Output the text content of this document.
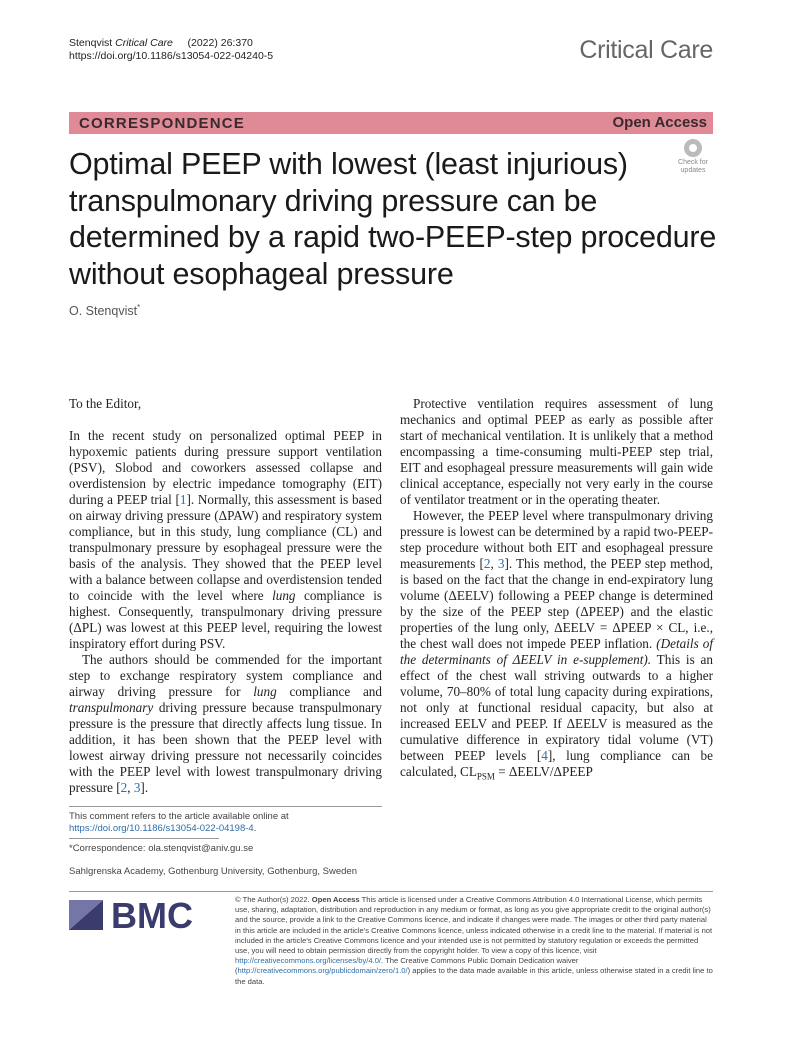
Stenqvist Critical Care (2022) 26:370
https://doi.org/10.1186/s13054-022-04240-5	Critical Care
CORRESPONDENCE	Open Access
Optimal PEEP with lowest (least injurious) transpulmonary driving pressure can be determined by a rapid two-PEEP-step procedure without esophageal pressure
Check for
updates
O. Stenqvist*

To the Editor,

In the recent study on personalized optimal PEEP in hypoxemic patients during pressure support ventilation (PSV), Slobod and coworkers assessed collapse and overdistension by electric impedance tomography (EIT) during a PEEP trial [1]. Normally, this assessment is based on airway driving pressure (ΔPAW) and respiratory system compliance, but in this study, lung compliance (CL) and transpulmonary pressure by esophageal pressure were the basis of the analysis. They showed that the PEEP level with a balance between collapse and overdistension tended to coincide with the level where lung compliance is highest. Consequently, transpulmonary driving pressure (ΔPL) was lowest at this PEEP level, requiring the lowest inspiratory effort during PSV.

The authors should be commended for the important step to exchange respiratory system compliance and airway driving pressure for lung compliance and transpulmonary driving pressure because transpulmonary pressure is the pressure that directly affects lung tissue. In addition, it has been shown that the PEEP level with lowest airway driving pressure not necessarily coincides with the PEEP level with lowest transpulmonary driving pressure [2, 3].

Protective ventilation requires assessment of lung mechanics and optimal PEEP as early as possible after start of mechanical ventilation. It is unlikely that a method encompassing a time-consuming multi-PEEP step trial, EIT and esophageal pressure measurements will gain wide clinical acceptance, especially not very early in the course of ventilator treatment or in the operating theater.

However, the PEEP level where transpulmonary driving pressure is lowest can be determined by a rapid two-PEEP-step procedure without both EIT and esophageal pressure measurements [2, 3]. This method, the PEEP step method, is based on the fact that the change in end-expiratory lung volume (ΔEELV) following a PEEP change is determined by the size of the PEEP step (ΔPEEP) and the elastic properties of the lung only, ΔEELV = ΔPEEP × CL, i.e., the chest wall does not impede PEEP inflation. (Details of the determinants of ΔEELV in e-supplement). This is an effect of the chest wall striving outwards to a higher volume, 70–80% of total lung capacity during expirations, not only at functional residual capacity, but also at increased EELV and PEEP. If ΔEELV is measured as the cumulative difference in expiratory tidal volume (VT) between PEEP levels [4], lung compliance can be calculated, $CL_{PSM}$ = ΔEELV/ΔPEEP

This comment refers to the article available online at https://doi.org/10.1186/s13054-022-04198-4.
*Correspondence: ola.stenqvist@aniv.gu.se
Sahlgrenska Academy, Gothenburg University, Gothenburg, Sweden
BMC	© The Author(s) 2022. Open Access This article is licensed under a Creative Commons Attribution 4.0 International License, which permits use, sharing, adaptation, distribution and reproduction in any medium or format, as long as you give appropriate credit to the original author(s) and the source, provide a link to the Creative Commons licence, and indicate if changes were made. The images or other third party material in this article are included in the article's Creative Commons licence, unless indicated otherwise in a credit line to the material. If material is not included in the article's Creative Commons licence and your intended use is not permitted by statutory regulation or exceeds the permitted use, you will need to obtain permission directly from the copyright holder. To view a copy of this licence, visit http://creativecommons.org/licenses/by/4.0/. The Creative Commons Public Domain Dedication waiver (http://creativecommons.org/publicdomain/zero/1.0/) applies to the data made available in this article, unless otherwise stated in a credit line to the data.
